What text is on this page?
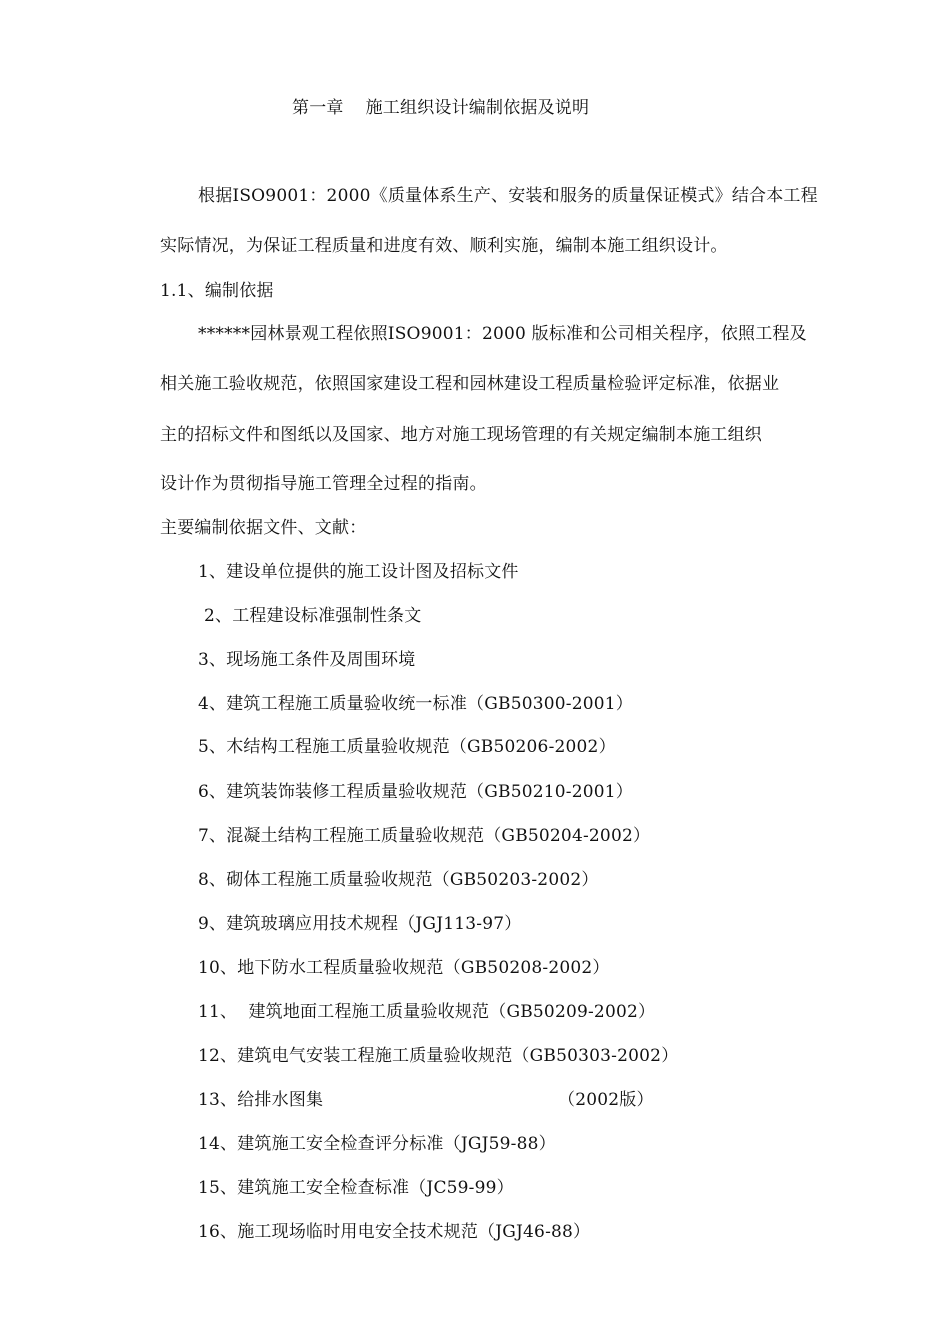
第一章 施工组织设计编制依据及说明
根据ISO9001：2000《质量体系生产、安装和服务的质量保证模式》结合本工程
实际情况，为保证工程质量和进度有效、顺利实施，编制本施工组织设计。
1.1、编制依据
******园林景观工程依照ISO9001：2000 版标准和公司相关程序，依照工程及
相关施工验收规范，依照国家建设工程和园林建设工程质量检验评定标准，依据业
主的招标文件和图纸以及国家、地方对施工现场管理的有关规定编制本施工组织
设计作为贯彻指导施工管理全过程的指南。
主要编制依据文件、文献：
1、建设单位提供的施工设计图及招标文件
2、工程建设标准强制性条文
3、现场施工条件及周围环境
4、建筑工程施工质量验收统一标准（GB50300-2001）
5、木结构工程施工质量验收规范（GB50206-2002）
6、建筑装饰装修工程质量验收规范（GB50210-2001）
7、混凝土结构工程施工质量验收规范（GB50204-2002）
8、砌体工程施工质量验收规范（GB50203-2002）
9、建筑玻璃应用技术规程（JGJ113-97）
10、地下防水工程质量验收规范（GB50208-2002）
11、  建筑地面工程施工质量验收规范（GB50209-2002）
12、建筑电气安装工程施工质量验收规范（GB50303-2002）
13、给排水图集	（2002版）
14、建筑施工安全检查评分标准（JGJ59-88）
15、建筑施工安全检查标准（JC59-99）
16、施工现场临时用电安全技术规范（JGJ46-88）
